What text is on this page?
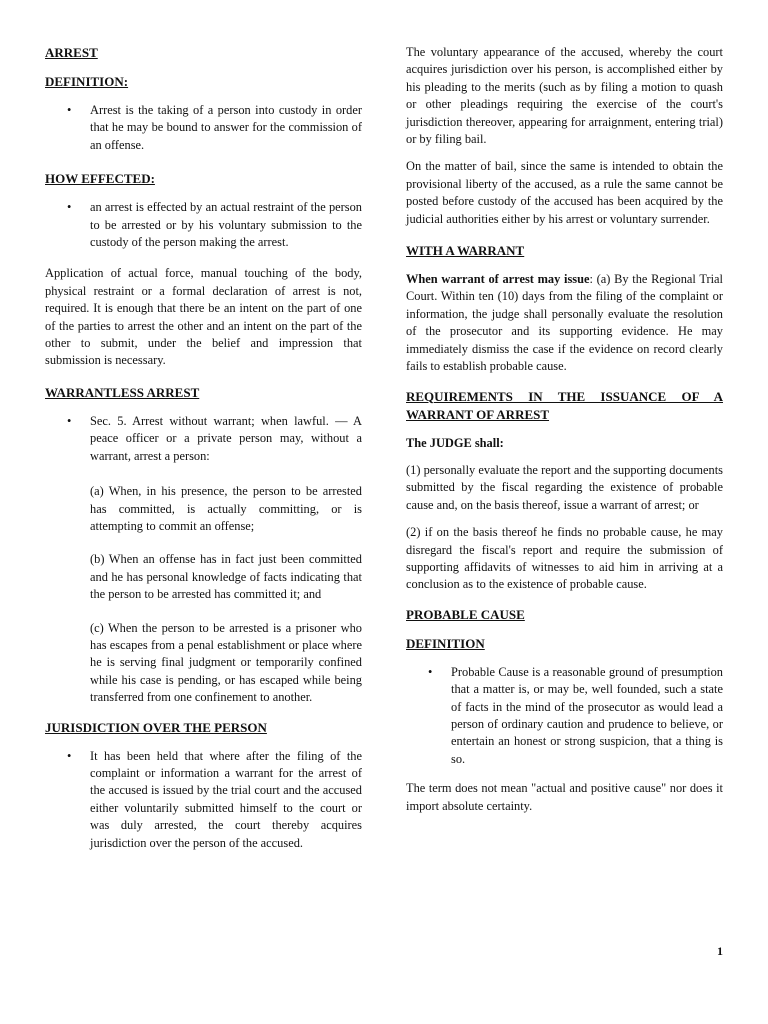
ARREST

DEFINITION:

• Arrest is the taking of a person into custody in order that he may be bound to answer for the commission of an offense.

HOW EFFECTED:

• an arrest is effected by an actual restraint of the person to be arrested or by his voluntary submission to the custody of the person making the arrest.

Application of actual force, manual touching of the body, physical restraint or a formal declaration of arrest is not, required. It is enough that there be an intent on the part of one of the parties to arrest the other and an intent on the part of the other to submit, under the belief and impression that submission is necessary.

WARRANTLESS ARREST

• Sec. 5. Arrest without warrant; when lawful. — A peace officer or a private person may, without a warrant, arrest a person:

(a) When, in his presence, the person to be arrested has committed, is actually committing, or is attempting to commit an offense;

(b) When an offense has in fact just been committed and he has personal knowledge of facts indicating that the person to be arrested has committed it; and

(c) When the person to be arrested is a prisoner who has escapes from a penal establishment or place where he is serving final judgment or temporarily confined while his case is pending, or has escaped while being transferred from one confinement to another.

JURISDICTION OVER THE PERSON

• It has been held that where after the filing of the complaint or information a warrant for the arrest of the accused is issued by the trial court and the accused either voluntarily submitted himself to the court or was duly arrested, the court thereby acquires jurisdiction over the person of the accused.

The voluntary appearance of the accused, whereby the court acquires jurisdiction over his person, is accomplished either by his pleading to the merits (such as by filing a motion to quash or other pleadings requiring the exercise of the court's jurisdiction thereover, appearing for arraignment, entering trial) or by filing bail.

On the matter of bail, since the same is intended to obtain the provisional liberty of the accused, as a rule the same cannot be posted before custody of the accused has been acquired by the judicial authorities either by his arrest or voluntary surrender.

WITH A WARRANT

When warrant of arrest may issue: (a) By the Regional Trial Court. Within ten (10) days from the filing of the complaint or information, the judge shall personally evaluate the resolution of the prosecutor and its supporting evidence. He may immediately dismiss the case if the evidence on record clearly fails to establish probable cause.

REQUIREMENTS IN THE ISSUANCE OF A WARRANT OF ARREST

The JUDGE shall:

(1) personally evaluate the report and the supporting documents submitted by the fiscal regarding the existence of probable cause and, on the basis thereof, issue a warrant of arrest; or

(2) if on the basis thereof he finds no probable cause, he may disregard the fiscal's report and require the submission of supporting affidavits of witnesses to aid him in arriving at a conclusion as to the existence of probable cause.

PROBABLE CAUSE

DEFINITION

• Probable Cause is a reasonable ground of presumption that a matter is, or may be, well founded, such a state of facts in the mind of the prosecutor as would lead a person of ordinary caution and prudence to believe, or entertain an honest or strong suspicion, that a thing is so.

The term does not mean "actual and positive cause" nor does it import absolute certainty.

1
